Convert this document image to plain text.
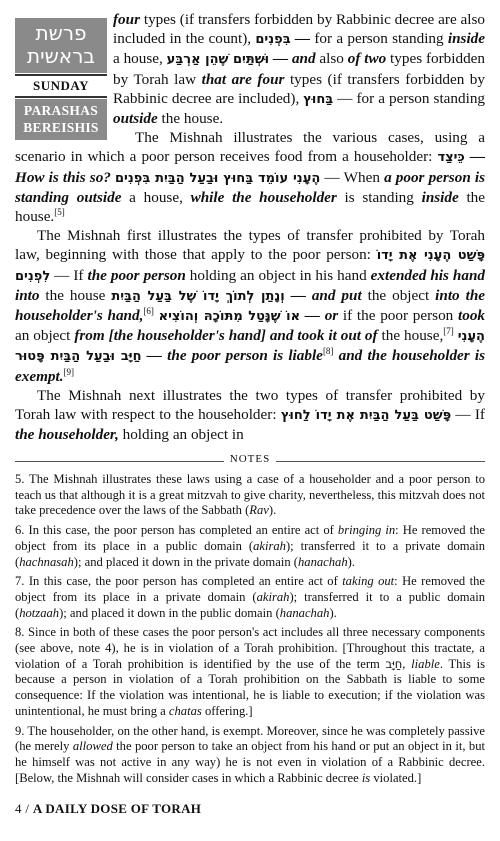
פרשת
בראשית
SUNDAY
PARASHAS
BEREISHIS

four types (if transfers forbidden by Rabbinic decree are also included in the count), בִּפְנִים — for a person standing inside a house, וּשְׁתַּיִם שֶׁהֵן אַרְבַּע — and also of two types forbidden by Torah law that are four types (if transfers forbidden by Rabbinic decree are included), בַּחוּץ — for a person standing outside the house.

The Mishnah illustrates the various cases, using a scenario in which a poor person receives food from a householder: כֵּיצַד — How is this so? הֶעָנִי עוֹמֵד בַּחוּץ וּבַעַל הַבַּיִת בִּפְנִים — When a poor person is standing outside a house, while the householder is standing inside the house.[5]

The Mishnah first illustrates the types of transfer prohibited by Torah law, beginning with those that apply to the poor person: פָּשַׁט הֶעָנִי אֶת יָדוֹ לִפְנִים — If the poor person holding an object in his hand extended his hand into the house וְנָתַן לְתוֹךְ יָדוֹ שֶׁל בַּעַל הַבַּיִת — and put the object into the householder's hand,[6] אוֹ שֶׁנָּטַל מִתּוֹכָהּ וְהוֹצִיא — or if the poor person took an object from [the householder's hand] and took it out of the house,[7] הֶעָנִי חַיָּב וּבַעַל הַבַּיִת פָּטוּר — the poor person is liable[8] and the householder is exempt.[9]

The Mishnah next illustrates the two types of transfer prohibited by Torah law with respect to the householder: פָּשַׁט בַּעַל הַבַּיִת אֶת יָדוֹ לַחוּץ — If the householder, holding an object in

NOTES

5. The Mishnah illustrates these laws using a case of a householder and a poor person to teach us that although it is a great mitzvah to give charity, nevertheless, this mitzvah does not take precedence over the laws of the Sabbath (Rav).

6. In this case, the poor person has completed an entire act of bringing in: He removed the object from its place in a public domain (akirah); transferred it to a private domain (hachnasah); and placed it down in the private domain (hanachah).

7. In this case, the poor person has completed an entire act of taking out: He removed the object from its place in a private domain (akirah); transferred it to a public domain (hotzaah); and placed it down in the public domain (hanachah).

8. Since in both of these cases the poor person's act includes all three necessary components (see above, note 4), he is in violation of a Torah prohibition. [Throughout this tractate, a violation of a Torah prohibition is identified by the use of the term חַיָּב, liable. This is because a person in violation of a Torah prohibition on the Sabbath is liable to some consequence: If the violation was intentional, he is liable to execution; if the violation was unintentional, he must bring a chatas offering.]

9. The householder, on the other hand, is exempt. Moreover, since he was completely passive (he merely allowed the poor person to take an object from his hand or put an object in it, but he himself was not active in any way) he is not even in violation of a Rabbinic decree. [Below, the Mishnah will consider cases in which a Rabbinic decree is violated.]

4 / A DAILY DOSE OF TORAH
